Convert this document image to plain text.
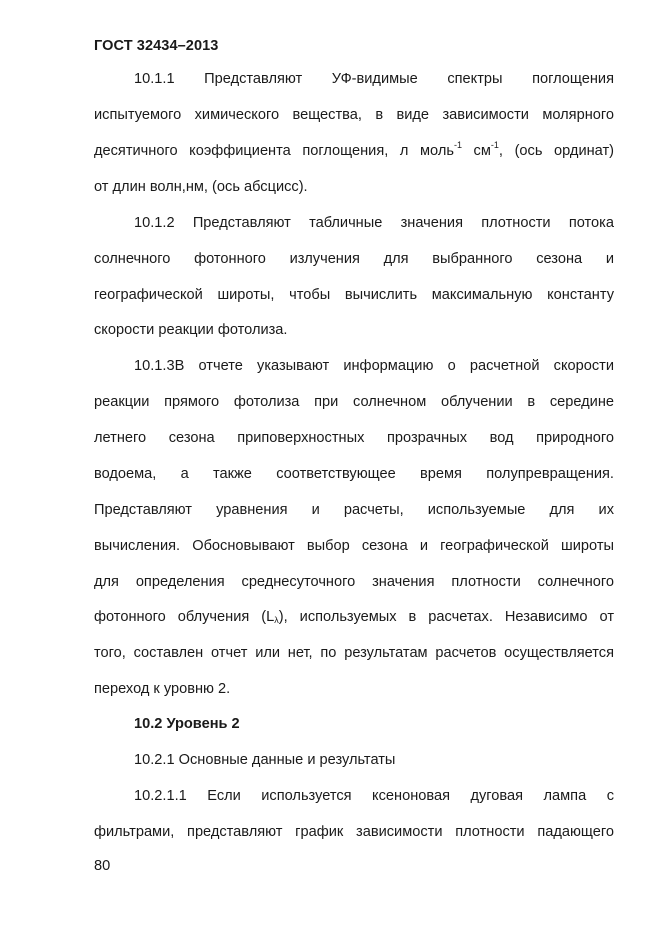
ГОСТ 32434–2013
10.1.1 Представляют УФ-видимые спектры поглощения
испытуемого химического вещества, в виде зависимости молярного
десятичного коэффициента поглощения, л моль$^{-1}$ $см^{-1}$, (ось ординат)
от длин волн,нм, (ось абсцисс).
10.1.2 Представляют табличные значения плотности потока
солнечного фотонного излучения для выбранного сезона и
географической широты, чтобы вычислить максимальную константу
скорости реакции фотолиза.
10.1.3В отчете указывают информацию о расчетной скорости
реакции прямого фотолиза при солнечном облучении в середине
летнего сезона приповерхностных прозрачных вод природного
водоема, а также соответствующее время полупревращения.
Представляют уравнения и расчеты, используемые для их
вычисления. Обосновывают выбор сезона и географической широты
для определения среднесуточного значения плотности солнечного
фотонного облучения $(L_\lambda)$, используемых в расчетах. Независимо от
того, составлен отчет или нет, по результатам расчетов осуществляется
переход к уровню 2.
10.2 Уровень 2
10.2.1 Основные данные и результаты
10.2.1.1 Если используется ксеноновая дуговая лампа с
фильтрами, представляют график зависимости плотности падающего
80
